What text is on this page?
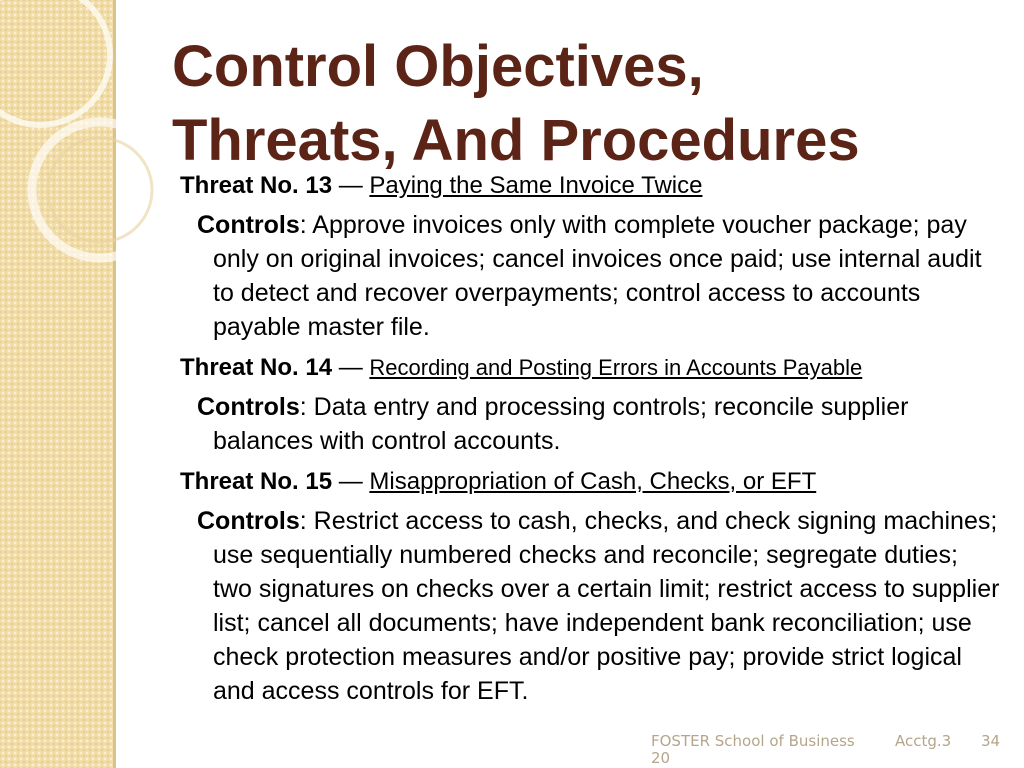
Control Objectives,
Threats, And Procedures
Threat No. 13 — Paying the Same Invoice Twice
Controls: Approve invoices only with complete voucher package; pay only on original invoices; cancel invoices once paid; use internal audit to detect and recover overpayments; control access to accounts payable master file.
Threat No. 14 — Recording and Posting Errors in Accounts Payable
Controls: Data entry and processing controls; reconcile supplier balances with control accounts.
Threat No. 15 — Misappropriation of Cash, Checks, or EFT
Controls: Restrict access to cash, checks, and check signing machines; use sequentially numbered checks and reconcile; segregate duties; two signatures on checks over a certain limit; restrict access to supplier list; cancel all documents; have independent bank reconciliation; use check protection measures and/or positive pay; provide strict logical and access controls for EFT.
FOSTER School of Business	Acctg.3
20
34
